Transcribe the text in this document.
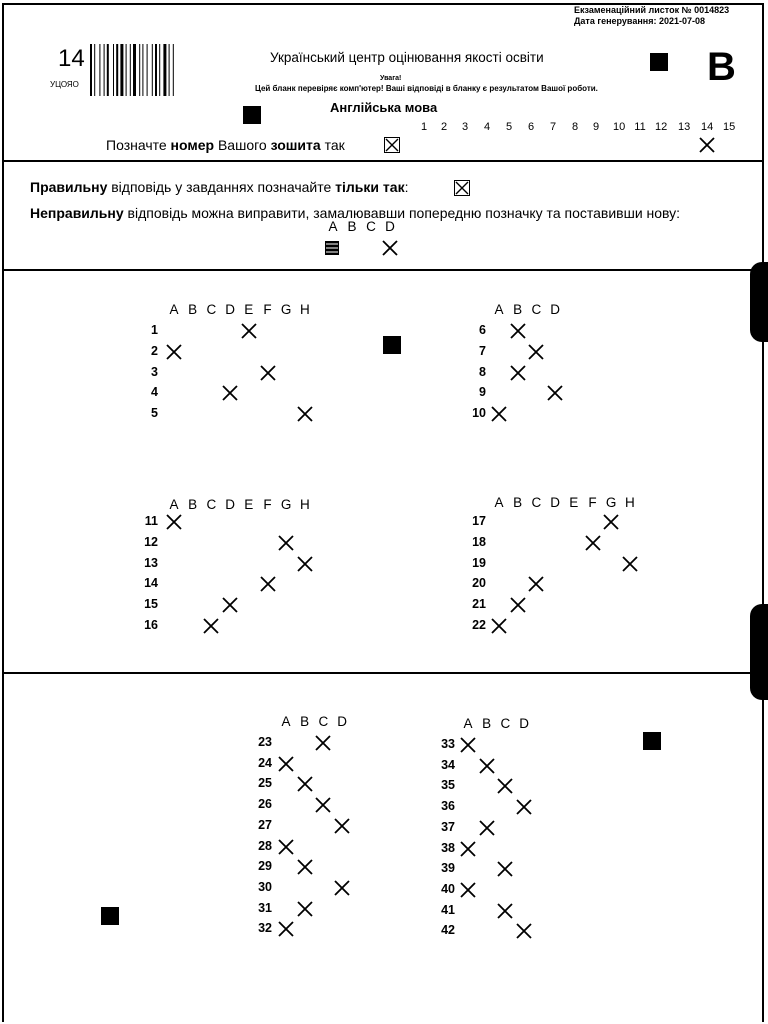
Екзаменаційний листок № 0014823
Дата генерування: 2021-07-08
14
УЦОЯО
Український центр оцінювання якості освіти
Увага!
Цей бланк перевіряє комп'ютер! Ваші відповіді в бланку є результатом Вашої роботи.
Англійська мова
B
Позначте номер Вашого зошита так
1 2 3 4 5 6 7 8 9 10 11 12 13 14 15
Правильну відповідь у завданнях позначайте тільки так:
Неправильну відповідь можна виправити, замалювавши попередню позначку та поставивши нову:
A B C D
A B C D E F G H
1
2
3
4
5
A B C D
6
7
8
9
10
A B C D E F G H
11
12
13
14
15
16
A B C D E F G H
17
18
19
20
21
22
A B C D
23
24
25
26
27
28
29
30
31
32
A B C D
33
34
35
36
37
38
39
40
41
42
